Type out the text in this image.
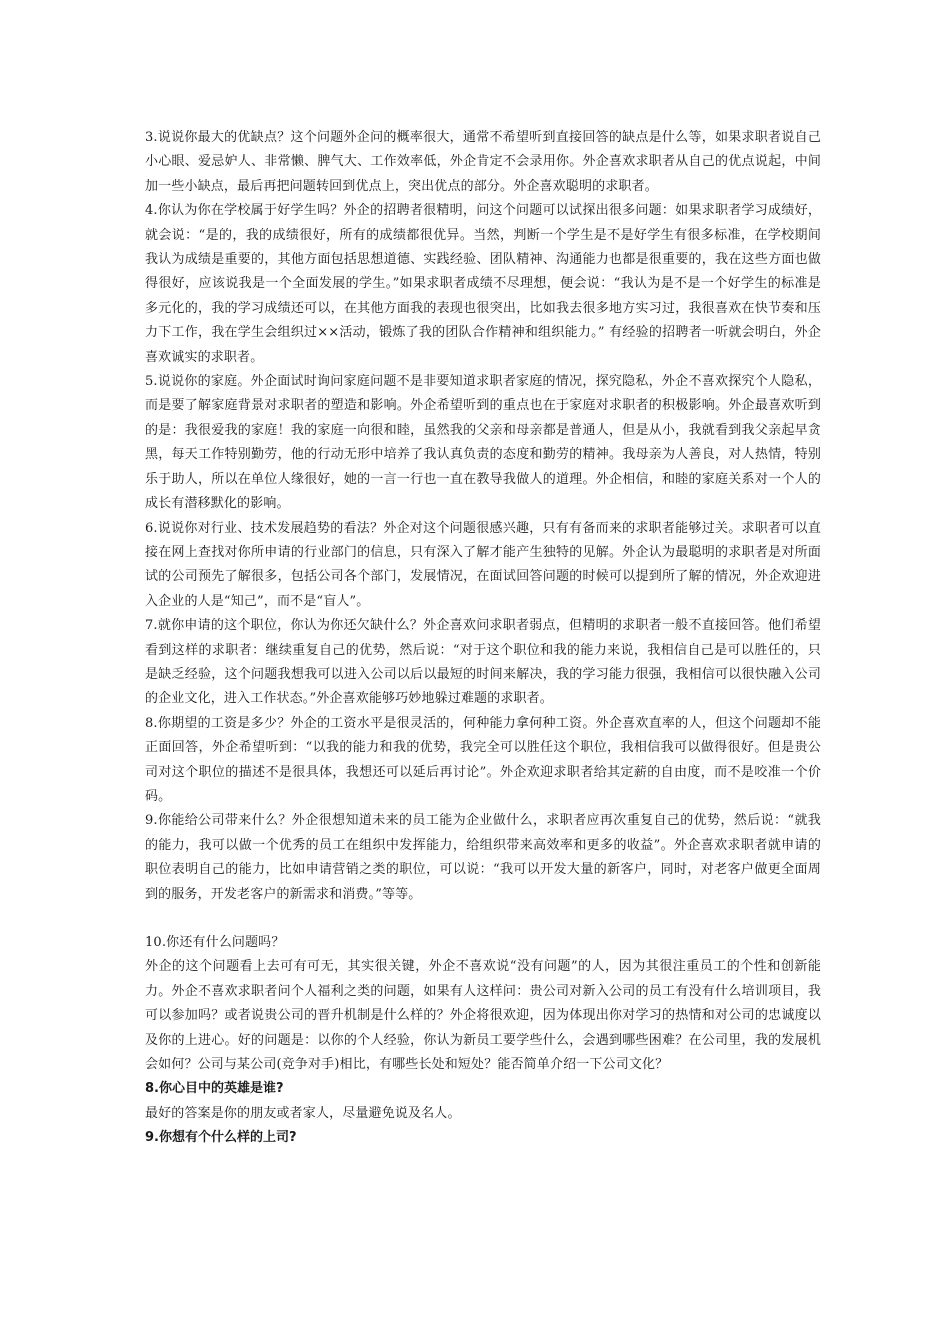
3.说说你最大的优缺点？这个问题外企问的概率很大，通常不希望听到直接回答的缺点是什么等，如果求职者说自己小心眼、爱忌妒人、非常懒、脾气大、工作效率低，外企肯定不会录用你。外企喜欢求职者从自己的优点说起，中间加一些小缺点，最后再把问题转回到优点上，突出优点的部分。外企喜欢聪明的求职者。

4.你认为你在学校属于好学生吗？外企的招聘者很精明，问这个问题可以试探出很多问题：如果求职者学习成绩好，就会说：“是的，我的成绩很好，所有的成绩都很优异。当然，判断一个学生是不是好学生有很多标准，在学校期间我认为成绩是重要的，其他方面包括思想道德、实践经验、团队精神、沟通能力也都是很重要的，我在这些方面也做得很好，应该说我是一个全面发展的学生。”如果求职者成绩不尽理想，便会说：“我认为是不是一个好学生的标准是多元化的，我的学习成绩还可以，在其他方面我的表现也很突出，比如我去很多地方实习过，我很喜欢在快节奏和压力下工作，我在学生会组织过××活动，锻炼了我的团队合作精神和组织能力。” 有经验的招聘者一听就会明白，外企喜欢诚实的求职者。

5.说说你的家庭。外企面试时询问家庭问题不是非要知道求职者家庭的情况，探究隐私，外企不喜欢探究个人隐私，而是要了解家庭背景对求职者的塑造和影响。外企希望听到的重点也在于家庭对求职者的积极影响。外企最喜欢听到的是：我很爱我的家庭！我的家庭一向很和睦，虽然我的父亲和母亲都是普通人，但是从小，我就看到我父亲起早贪黑，每天工作特别勤劳，他的行动无形中培养了我认真负责的态度和勤劳的精神。我母亲为人善良，对人热情，特别乐于助人，所以在单位人缘很好，她的一言一行也一直在教导我做人的道理。外企相信，和睦的家庭关系对一个人的成长有潜移默化的影响。

6.说说你对行业、技术发展趋势的看法？外企对这个问题很感兴趣，只有有备而来的求职者能够过关。求职者可以直接在网上查找对你所申请的行业部门的信息，只有深入了解才能产生独特的见解。外企认为最聪明的求职者是对所面试的公司预先了解很多，包括公司各个部门，发展情况，在面试回答问题的时候可以提到所了解的情况，外企欢迎进入企业的人是“知己”，而不是“盲人”。

7.就你申请的这个职位，你认为你还欠缺什么？外企喜欢问求职者弱点，但精明的求职者一般不直接回答。他们希望看到这样的求职者：继续重复自己的优势，然后说：“对于这个职位和我的能力来说，我相信自己是可以胜任的，只是缺乏经验，这个问题我想我可以进入公司以后以最短的时间来解决，我的学习能力很强，我相信可以很快融入公司的企业文化，进入工作状态。”外企喜欢能够巧妙地躲过难题的求职者。

8.你期望的工资是多少？外企的工资水平是很灵活的，何种能力拿何种工资。外企喜欢直率的人，但这个问题却不能正面回答，外企希望听到：“以我的能力和我的优势，我完全可以胜任这个职位，我相信我可以做得很好。但是贵公司对这个职位的描述不是很具体，我想还可以延后再讨论”。外企欢迎求职者给其定薪的自由度，而不是咬准一个价码。

9.你能给公司带来什么？外企很想知道未来的员工能为企业做什么，求职者应再次重复自己的优势，然后说：“就我的能力，我可以做一个优秀的员工在组织中发挥能力，给组织带来高效率和更多的收益”。外企喜欢求职者就申请的职位表明自己的能力，比如申请营销之类的职位，可以说：“我可以开发大量的新客户，同时，对老客户做更全面周到的服务，开发老客户的新需求和消费。”等等。

10.你还有什么问题吗？

外企的这个问题看上去可有可无，其实很关键，外企不喜欢说“没有问题”的人，因为其很注重员工的个性和创新能力。外企不喜欢求职者问个人福利之类的问题，如果有人这样问：贵公司对新入公司的员工有没有什么培训项目，我可以参加吗？或者说贵公司的晋升机制是什么样的？外企将很欢迎，因为体现出你对学习的热情和对公司的忠诚度以及你的上进心。好的问题是：以你的个人经验，你认为新员工要学些什么，会遇到哪些困难？在公司里，我的发展机会如何？公司与某公司(竞争对手)相比，有哪些长处和短处？能否简单介绍一下公司文化？

8.你心目中的英雄是谁?

最好的答案是你的朋友或者家人，尽量避免说及名人。

9.你想有个什么样的上司?
